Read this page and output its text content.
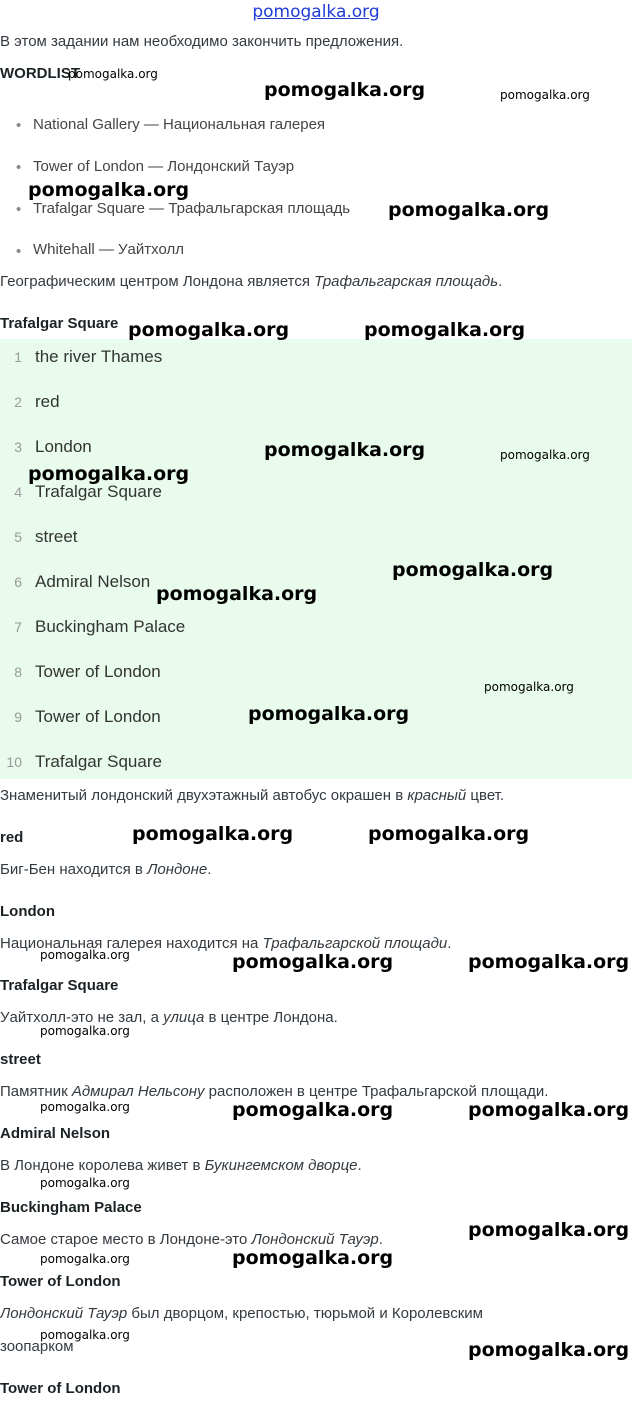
pomogalka.org
В этом задании нам необходимо закончить предложения.
WORDLIST
• National Gallery — Национальная галерея
• Tower of London — Лондонский Тауэр
• Trafalgar Square — Трафальгарская площадь
• Whitehall — Уайтхолл
Географическим центром Лондона является Трафальгарская площадь.
Trafalgar Square
1 the river Thames
2 red
3 London
4 Trafalgar Square
5 street
6 Admiral Nelson
7 Buckingham Palace
8 Tower of London
9 Tower of London
10 Trafalgar Square
Знаменитый лондонский двухэтажный автобус окрашен в красный цвет.
red
Биг-Бен находится в Лондоне.
London
Национальная галерея находится на Трафальгарской площади.
Trafalgar Square
Уайтхолл-это не зал, а улица в центре Лондона.
street
Памятник Адмирал Нельсону расположен в центре Трафальгарской площади.
Admiral Nelson
В Лондоне королева живет в Букингемском дворце.
Buckingham Palace
Самое старое место в Лондоне-это Лондонский Тауэр.
Tower of London
Лондонский Тауэр был дворцом, крепостью, тюрьмой и Королевским
зоопарком
Tower of London
pomogalka.org
pomogalka.org	pomogalka.org
pomogalka.org
pomogalka.org
pomogalka.org	pomogalka.org
pomogalka.org	pomogalka.org
pomogalka.org
pomogalka.org
pomogalka.org
pomogalka.org
pomogalka.org
pomogalka.org	pomogalka.org
pomogalka.org	pomogalka.org	pomogalka.org
pomogalka.org
pomogalka.org	pomogalka.org	pomogalka.org
pomogalka.org
pomogalka.org
pomogalka.org	pomogalka.org
pomogalka.org
pomogalka.org
